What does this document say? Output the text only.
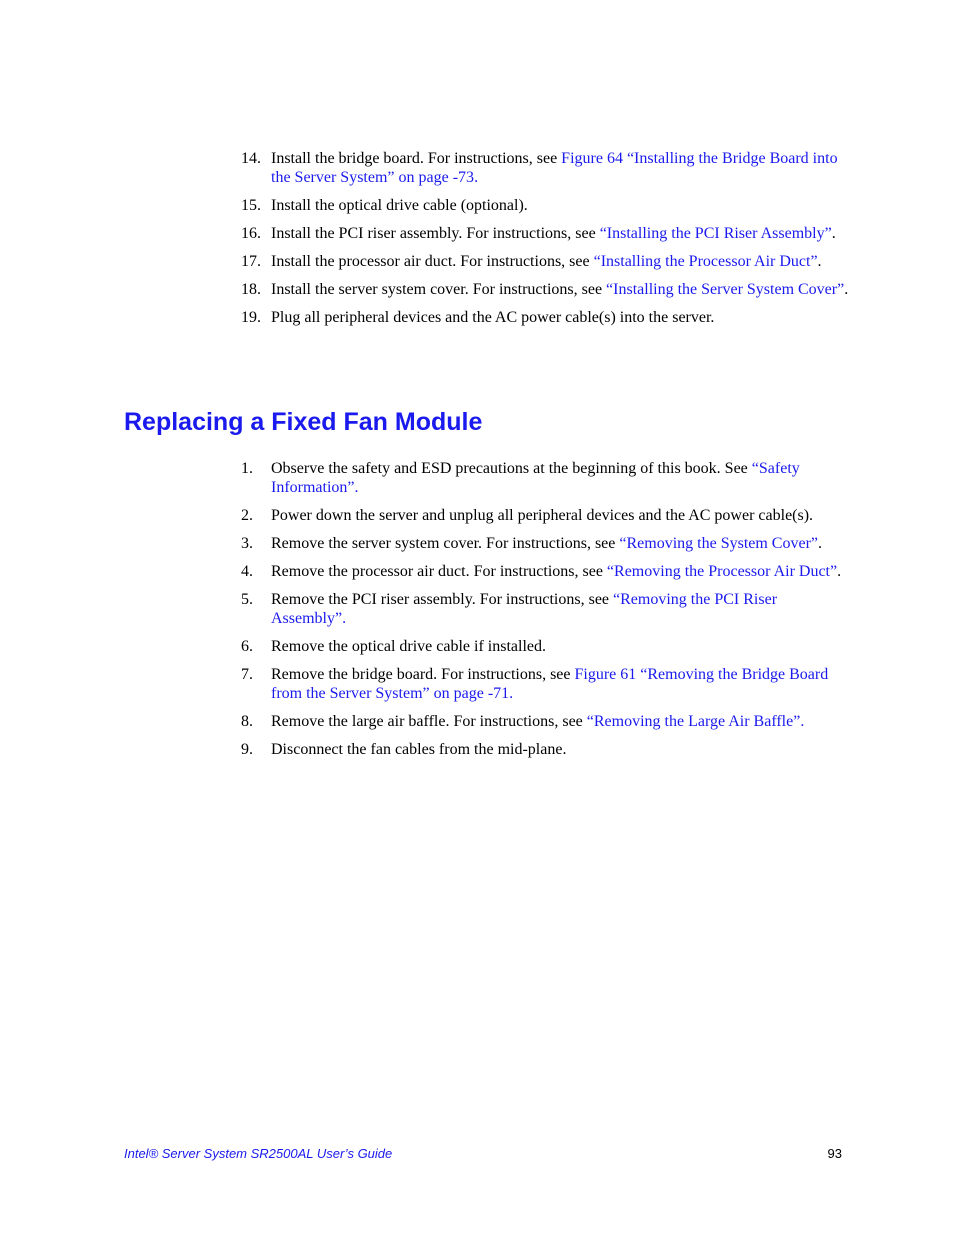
14. Install the bridge board. For instructions, see Figure 64 “Installing the Bridge Board into the Server System” on page -73.
15. Install the optical drive cable (optional).
16. Install the PCI riser assembly. For instructions, see “Installing the PCI Riser Assembly”.
17. Install the processor air duct. For instructions, see “Installing the Processor Air Duct”.
18. Install the server system cover. For instructions, see “Installing the Server System Cover”.
19. Plug all peripheral devices and the AC power cable(s) into the server.
Replacing a Fixed Fan Module
1. Observe the safety and ESD precautions at the beginning of this book. See “Safety Information”.
2. Power down the server and unplug all peripheral devices and the AC power cable(s).
3. Remove the server system cover. For instructions, see “Removing the System Cover”.
4. Remove the processor air duct. For instructions, see “Removing the Processor Air Duct”.
5. Remove the PCI riser assembly. For instructions, see “Removing the PCI Riser Assembly”.
6. Remove the optical drive cable if installed.
7. Remove the bridge board. For instructions, see Figure 61 “Removing the Bridge Board from the Server System” on page -71.
8. Remove the large air baffle. For instructions, see “Removing the Large Air Baffle”.
9. Disconnect the fan cables from the mid-plane.
Intel® Server System SR2500AL User’s Guide	93
